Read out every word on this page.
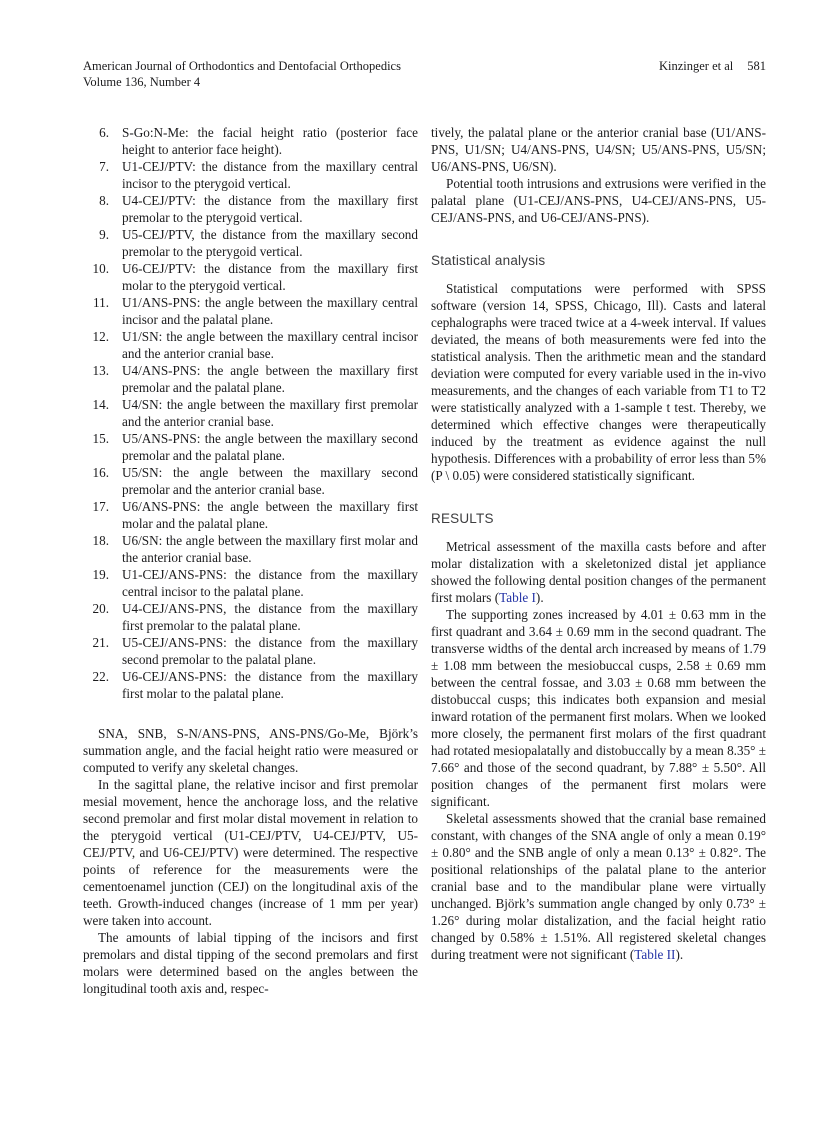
American Journal of Orthodontics and Dentofacial Orthopedics
Volume 136, Number 4
Kinzinger et al 581
6. S-Go:N-Me: the facial height ratio (posterior face height to anterior face height).
7. U1-CEJ/PTV: the distance from the maxillary central incisor to the pterygoid vertical.
8. U4-CEJ/PTV: the distance from the maxillary first premolar to the pterygoid vertical.
9. U5-CEJ/PTV, the distance from the maxillary second premolar to the pterygoid vertical.
10. U6-CEJ/PTV: the distance from the maxillary first molar to the pterygoid vertical.
11. U1/ANS-PNS: the angle between the maxillary central incisor and the palatal plane.
12. U1/SN: the angle between the maxillary central incisor and the anterior cranial base.
13. U4/ANS-PNS: the angle between the maxillary first premolar and the palatal plane.
14. U4/SN: the angle between the maxillary first premolar and the anterior cranial base.
15. U5/ANS-PNS: the angle between the maxillary second premolar and the palatal plane.
16. U5/SN: the angle between the maxillary second premolar and the anterior cranial base.
17. U6/ANS-PNS: the angle between the maxillary first molar and the palatal plane.
18. U6/SN: the angle between the maxillary first molar and the anterior cranial base.
19. U1-CEJ/ANS-PNS: the distance from the maxillary central incisor to the palatal plane.
20. U4-CEJ/ANS-PNS, the distance from the maxillary first premolar to the palatal plane.
21. U5-CEJ/ANS-PNS: the distance from the maxillary second premolar to the palatal plane.
22. U6-CEJ/ANS-PNS: the distance from the maxillary first molar to the palatal plane.

SNA, SNB, S-N/ANS-PNS, ANS-PNS/Go-Me, Björk’s summation angle, and the facial height ratio were measured or computed to verify any skeletal changes.

In the sagittal plane, the relative incisor and first premolar mesial movement, hence the anchorage loss, and the relative second premolar and first molar distal movement in relation to the pterygoid vertical (U1-CEJ/PTV, U4-CEJ/PTV, U5-CEJ/PTV, and U6-CEJ/PTV) were determined. The respective points of reference for the measurements were the cementoenamel junction (CEJ) on the longitudinal axis of the teeth. Growth-induced changes (increase of 1 mm per year) were taken into account.

The amounts of labial tipping of the incisors and first premolars and distal tipping of the second premolars and first molars were determined based on the angles between the longitudinal tooth axis and, respec-

tively, the palatal plane or the anterior cranial base (U1/ANS-PNS, U1/SN; U4/ANS-PNS, U4/SN; U5/ANS-PNS, U5/SN; U6/ANS-PNS, U6/SN).

Potential tooth intrusions and extrusions were verified in the palatal plane (U1-CEJ/ANS-PNS, U4-CEJ/ANS-PNS, U5-CEJ/ANS-PNS, and U6-CEJ/ANS-PNS).

Statistical analysis

Statistical computations were performed with SPSS software (version 14, SPSS, Chicago, Ill). Casts and lateral cephalographs were traced twice at a 4-week interval. If values deviated, the means of both measurements were fed into the statistical analysis. Then the arithmetic mean and the standard deviation were computed for every variable used in the in-vivo measurements, and the changes of each variable from T1 to T2 were statistically analyzed with a 1-sample t test. Thereby, we determined which effective changes were therapeutically induced by the treatment as evidence against the null hypothesis. Differences with a probability of error less than 5% (P \ 0.05) were considered statistically significant.

RESULTS

Metrical assessment of the maxilla casts before and after molar distalization with a skeletonized distal jet appliance showed the following dental position changes of the permanent first molars (Table I).

The supporting zones increased by 4.01 ± 0.63 mm in the first quadrant and 3.64 ± 0.69 mm in the second quadrant. The transverse widths of the dental arch increased by means of 1.79 ± 1.08 mm between the mesiobuccal cusps, 2.58 ± 0.69 mm between the central fossae, and 3.03 ± 0.68 mm between the distobuccal cusps; this indicates both expansion and mesial inward rotation of the permanent first molars. When we looked more closely, the permanent first molars of the first quadrant had rotated mesiopalatally and distobuccally by a mean 8.35° ± 7.66° and those of the second quadrant, by 7.88° ± 5.50°. All position changes of the permanent first molars were significant.

Skeletal assessments showed that the cranial base remained constant, with changes of the SNA angle of only a mean 0.19° ± 0.80° and the SNB angle of only a mean 0.13° ± 0.82°. The positional relationships of the palatal plane to the anterior cranial base and to the mandibular plane were virtually unchanged. Björk’s summation angle changed by only 0.73° ± 1.26° during molar distalization, and the facial height ratio changed by 0.58% ± 1.51%. All registered skeletal changes during treatment were not significant (Table II).
